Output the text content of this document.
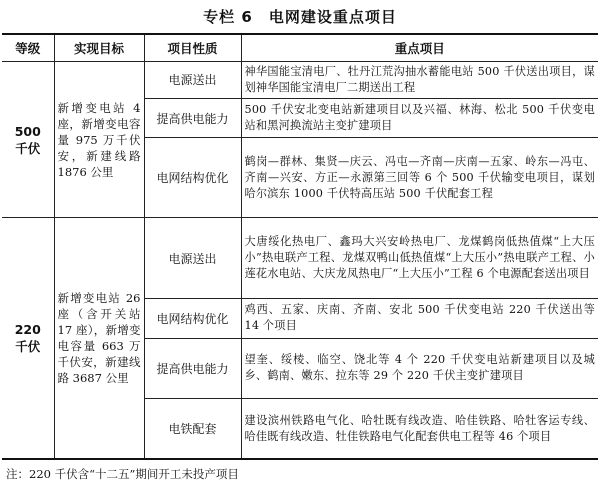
专栏 6　电网建设重点项目
等级	实现目标	项目性质	重点项目
500
千伏	新增变电站 4 座，新增变电容量 975 万千伏安，新建线路 1876 公里	电源送出	神华国能宝清电厂、牡丹江荒沟抽水蓄能电站 500 千伏送出项目，谋划神华国能宝清电厂二期送出工程
		提高供电能力	500 千伏安北变电站新建项目以及兴福、林海、松北 500 千伏变电站和黑河换流站主变扩建项目
		电网结构优化	鹤岗—群林、集贤—庆云、冯屯—齐南—庆南—五家、岭东—冯屯、齐南—兴安、方正—永源第三回等 6 个 500 千伏输变电项目，谋划哈尔滨东 1000 千伏特高压站 500 千伏配套工程
220
千伏	新增变电站 26 座（含开关站 17 座），新增变电容量 663 万千伏安，新建线路 3687 公里	电源送出	大唐绥化热电厂、鑫玛大兴安岭热电厂、龙煤鹤岗低热值煤“上大压小”热电联产工程、龙煤双鸭山低热值煤“上大压小”热电联产工程、小莲花水电站、大庆龙凤热电厂“上大压小”工程 6 个电源配套送出项目
		电网结构优化	鸡西、五家、庆南、齐南、安北 500 千伏变电站 220 千伏送出等 14 个项目
		提高供电能力	望奎、绥棱、临空、饶北等 4 个 220 千伏变电站新建项目以及城乡、鹤南、嫩东、拉东等 29 个 220 千伏主变扩建项目
		电铁配套	建设滨州铁路电气化、哈牡既有线改造、哈佳铁路、哈牡客运专线、哈佳既有线改造、牡佳铁路电气化配套供电工程等 46 个项目
注：220 千伏含“十二五”期间开工未投产项目
